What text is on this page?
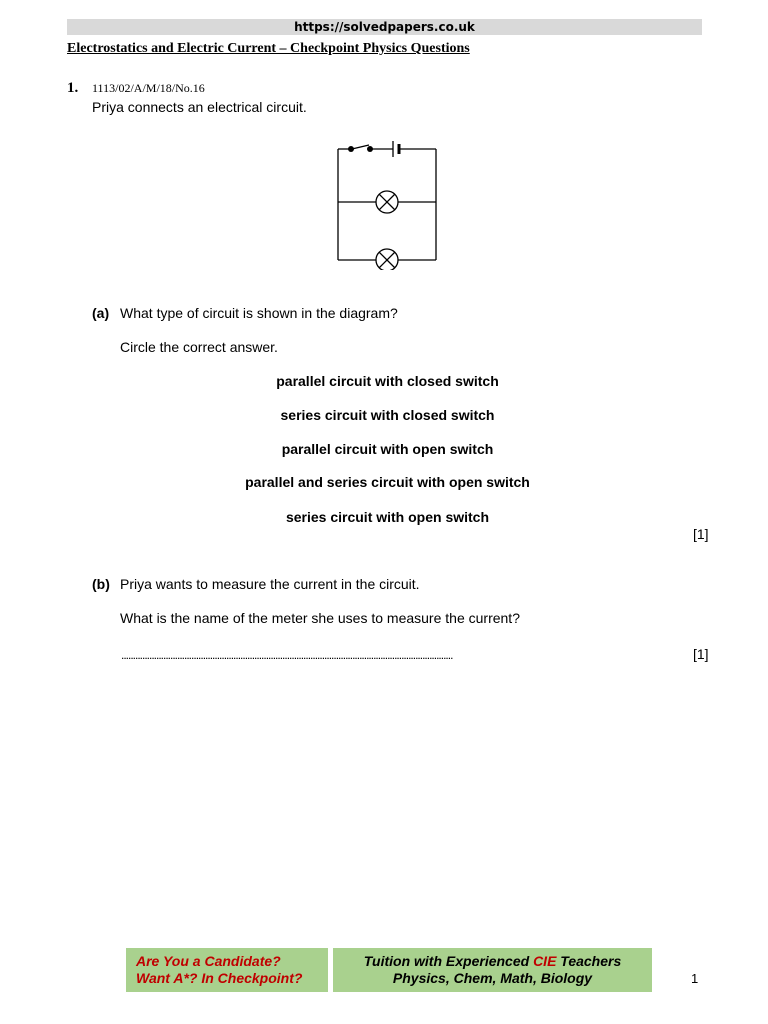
https://solvedpapers.co.uk
Electrostatics and Electric Current – Checkpoint Physics Questions
1. 1113/02/A/M/18/No.16
Priya connects an electrical circuit.
(a) What type of circuit is shown in the diagram?
Circle the correct answer.
parallel circuit with closed switch
series circuit with closed switch
parallel circuit with open switch
parallel and series circuit with open switch
series circuit with open switch
[1]
(b) Priya wants to measure the current in the circuit.
What is the name of the meter she uses to measure the current?
..............................................................................................................................................	[1]
Are You a Candidate?
Want A*? In Checkpoint?
Tuition with Experienced CIE Teachers
Physics, Chem, Math, Biology	1
